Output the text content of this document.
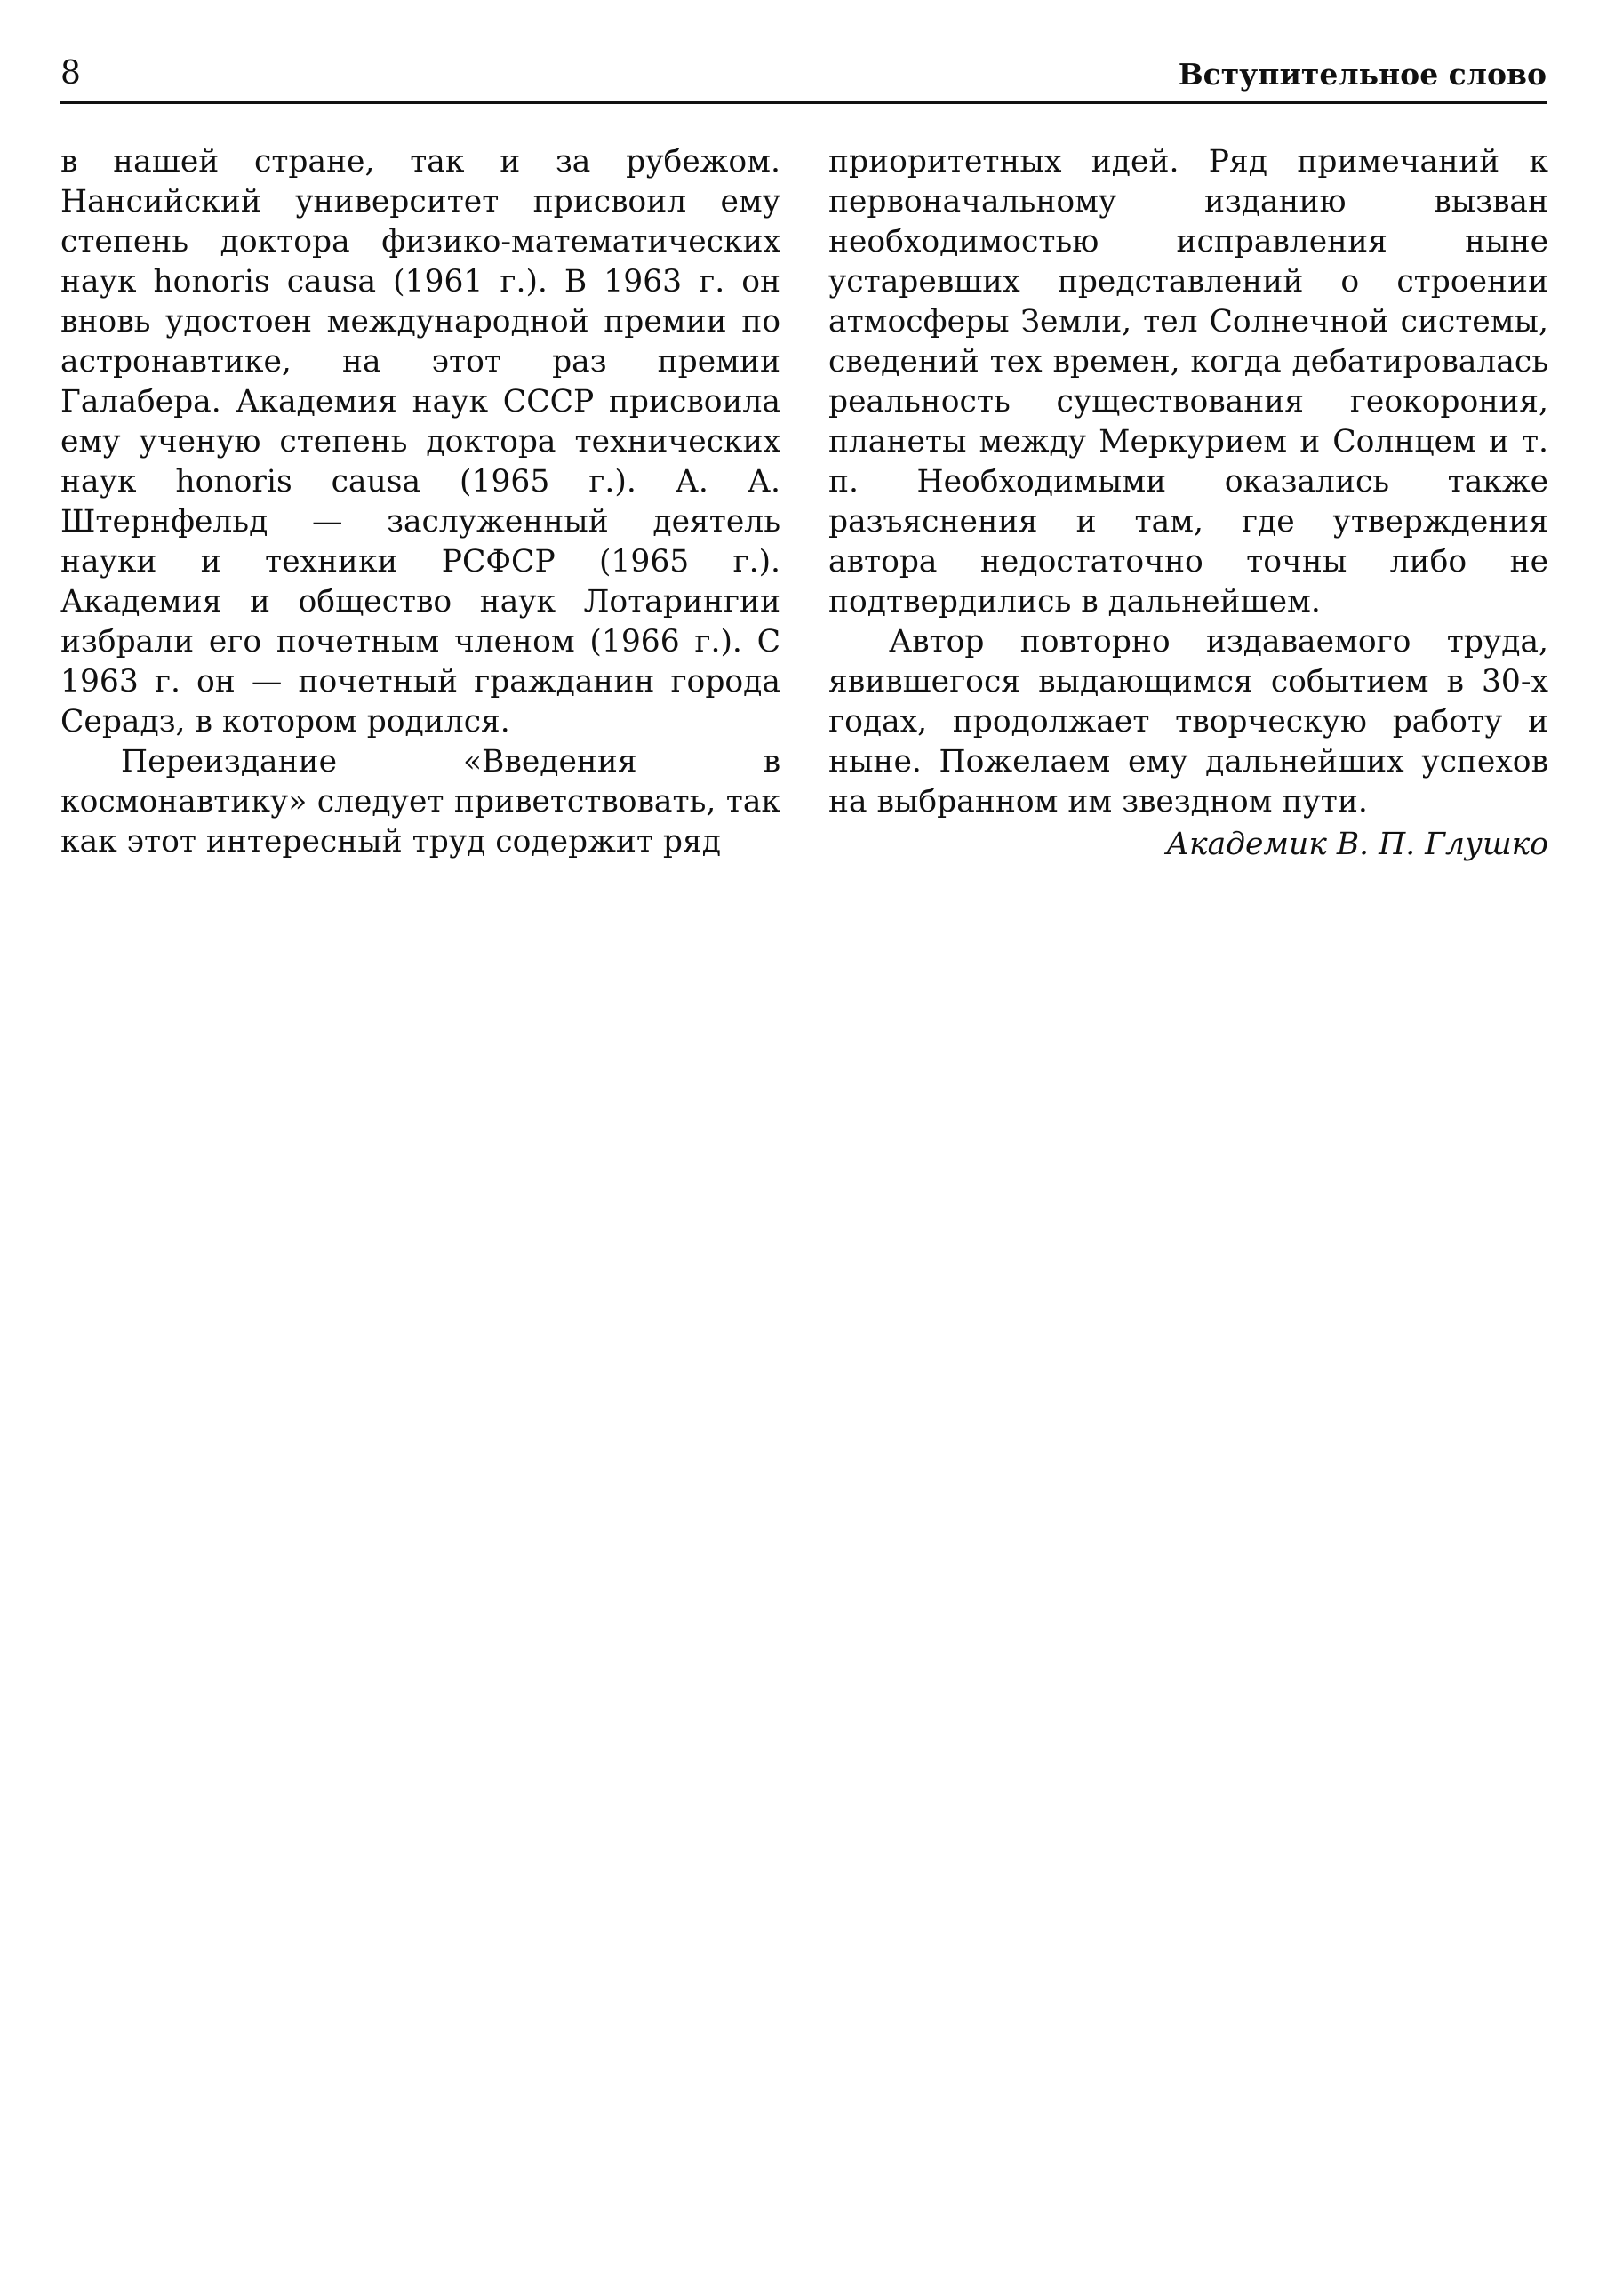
8	Вступительное слово

в нашей стране, так и за рубежом. Нансийский университет присвоил ему степень доктора физико-математических наук honoris causa (1961 г.). В 1963 г. он вновь удостоен международной премии по астронавтике, на этот раз премии Галабера. Академия наук СССР присвоила ему ученую степень доктора технических наук honoris causa (1965 г.). А. А. Штернфельд — заслуженный деятель науки и техники РСФСР (1965 г.). Академия и общество наук Лотарингии избрали его почетным членом (1966 г.). С 1963 г. он — почетный гражданин города Серадз, в котором родился.

Переиздание «Введения в космонавтику» следует приветствовать, так как этот интересный труд содержит ряд

приоритетных идей. Ряд примечаний к первоначальному изданию вызван необходимостью исправления ныне устаревших представлений о строении атмосферы Земли, тел Солнечной системы, сведений тех времен, когда дебатировалась реальность существования геокорония, планеты между Меркурием и Солнцем и т. п. Необходимыми оказались также разъяснения и там, где утверждения автора недостаточно точны либо не подтвердились в дальнейшем.

Автор повторно издаваемого труда, явившегося выдающимся событием в 30-х годах, продолжает творческую работу и ныне. Пожелаем ему дальнейших успехов на выбранном им звездном пути.

Академик В. П. Глушко
